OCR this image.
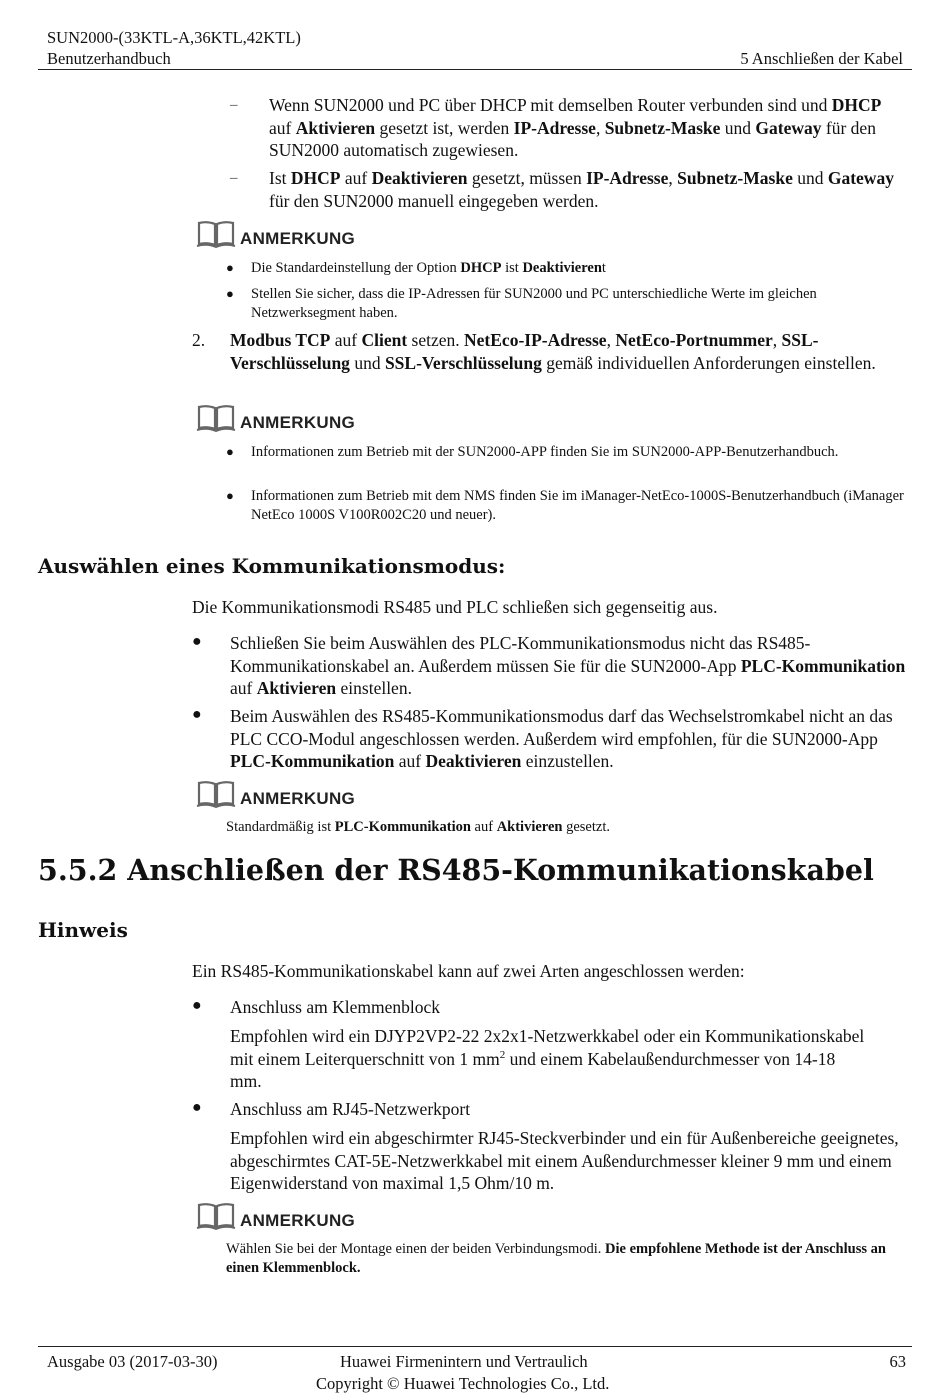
SUN2000-(33KTL-A,36KTL,42KTL)
Benutzerhandbuch	5 Anschließen der Kabel
– Wenn SUN2000 und PC über DHCP mit demselben Router verbunden sind und DHCP auf Aktivieren gesetzt ist, werden IP-Adresse, Subnetz-Maske und Gateway für den SUN2000 automatisch zugewiesen.
– Ist DHCP auf Deaktivieren gesetzt, müssen IP-Adresse, Subnetz-Maske und Gateway für den SUN2000 manuell eingegeben werden.
ANMERKUNG
● Die Standardeinstellung der Option DHCP ist Deaktivierent
● Stellen Sie sicher, dass die IP-Adressen für SUN2000 und PC unterschiedliche Werte im gleichen Netzwerksegment haben.
2. Modbus TCP auf Client setzen. NetEco-IP-Adresse, NetEco-Portnummer, SSL-Verschlüsselung und SSL-Verschlüsselung gemäß individuellen Anforderungen einstellen.
ANMERKUNG
● Informationen zum Betrieb mit der SUN2000-APP finden Sie im SUN2000-APP-Benutzerhandbuch.
● Informationen zum Betrieb mit dem NMS finden Sie im iManager-NetEco-1000S-Benutzerhandbuch (iManager NetEco 1000S V100R002C20 und neuer).
Auswählen eines Kommunikationsmodus:
Die Kommunikationsmodi RS485 und PLC schließen sich gegenseitig aus.
● Schließen Sie beim Auswählen des PLC-Kommunikationsmodus nicht das RS485-Kommunikationskabel an. Außerdem müssen Sie für die SUN2000-App PLC-Kommunikation auf Aktivieren einstellen.
● Beim Auswählen des RS485-Kommunikationsmodus darf das Wechselstromkabel nicht an das PLC CCO-Modul angeschlossen werden. Außerdem wird empfohlen, für die SUN2000-App PLC-Kommunikation auf Deaktivieren einzustellen.
ANMERKUNG
Standardmäßig ist PLC-Kommunikation auf Aktivieren gesetzt.
5.5.2 Anschließen der RS485-Kommunikationskabel
Hinweis
Ein RS485-Kommunikationskabel kann auf zwei Arten angeschlossen werden:
● Anschluss am Klemmenblock
Empfohlen wird ein DJYP2VP2-22 2x2x1-Netzwerkkabel oder ein Kommunikationskabel mit einem Leiterquerschnitt von 1 $mm^2$ und einem Kabelaußendurchmesser von 14-18 mm.
● Anschluss am RJ45-Netzwerkport
Empfohlen wird ein abgeschirmter RJ45-Steckverbinder und ein für Außenbereiche geeignetes, abgeschirmtes CAT-5E-Netzwerkkabel mit einem Außendurchmesser kleiner 9 mm und einem Eigenwiderstand von maximal 1,5 Ohm/10 m.
ANMERKUNG
Wählen Sie bei der Montage einen der beiden Verbindungsmodi. Die empfohlene Methode ist der Anschluss an einen Klemmenblock.
Ausgabe 03 (2017-03-30)	Huawei Firmenintern und Vertraulich
Copyright © Huawei Technologies Co., Ltd.
63
